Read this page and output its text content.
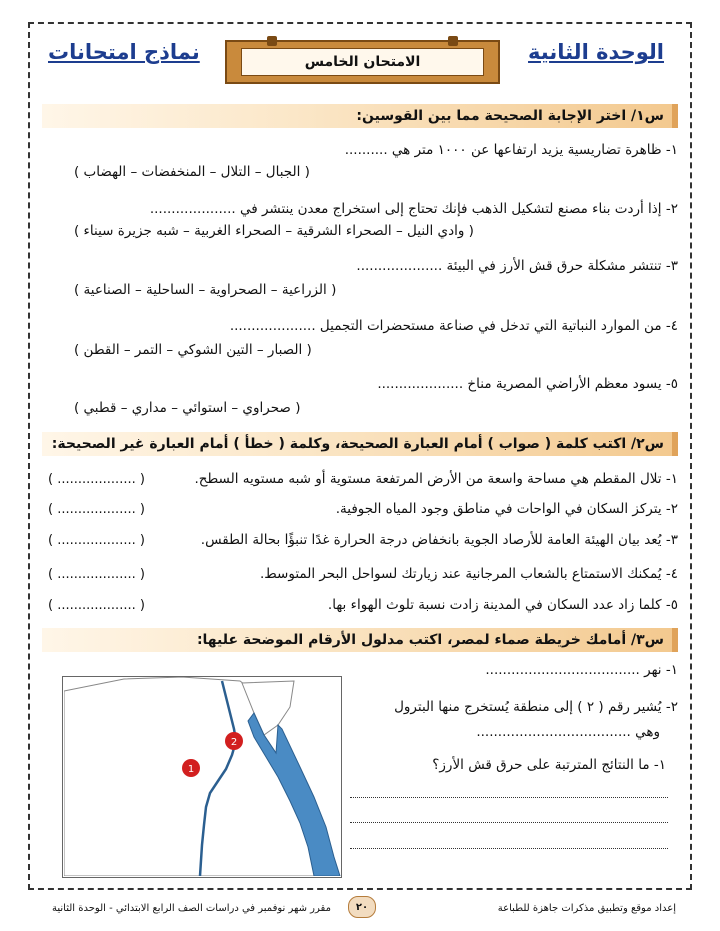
الوحدة الثانية
الامتحان الخامس
نماذج امتحانات
س١/ اختر الإجابة الصحيحة مما بين القوسين:
١- ظاهرة تضاريسية يزيد ارتفاعها عن ١٠٠٠ متر هي ..........
( الجبال – التلال – المنخفضات – الهضاب )
٢- إذا أردت بناء مصنع لتشكيل الذهب فإنك تحتاج إلى استخراج معدن ينتشر في ....................
( وادي النيل – الصحراء الشرقية – الصحراء الغربية – شبه جزيرة سيناء )
٣- تنتشر مشكلة حرق قش الأرز في البيئة ....................
( الزراعية – الصحراوية – الساحلية – الصناعية )
٤- من الموارد النباتية التي تدخل في صناعة مستحضرات التجميل ....................
( الصبار – التين الشوكي – التمر – القطن )
٥- يسود معظم الأراضي المصرية مناخ ....................
( صحراوي – استوائي – مداري – قطبي )
س٢/ اكتب كلمة ( صواب ) أمام العبارة الصحيحة، وكلمة ( خطأ ) أمام العبارة غير الصحيحة:
١- تلال المقطم هي مساحة واسعة من الأرض المرتفعة مستوية أو شبه مستويه السطح.
( ................... )
٢- يتركز السكان في الواحات في مناطق وجود المياه الجوفية.
( ................... )
٣- يُعد بيان الهيئة العامة للأرصاد الجوية بانخفاض درجة الحرارة غدًا تنبؤًا بحالة الطقس.
( ................... )
٤- يُمكنك الاستمتاع بالشعاب المرجانية عند زيارتك لسواحل البحر المتوسط.
( ................... )
٥- كلما زاد عدد السكان في المدينة زادت نسبة تلوث الهواء بها.
( ................... )
س٣/ أمامك خريطة صماء لمصر، اكتب مدلول الأرقام الموضحة عليها:
١- نهر ....................................
٢- يُشير رقم ( ٢ ) إلى منطقة يُستخرج منها البترول
وهي ....................................
١- ما النتائج المترتبة على حرق قش الأرز؟
2
1
إعداد موقع وتطبيق مذكرات جاهزة للطباعة
٢٠
مقرر شهر نوفمبر في دراسات الصف الرابع الابتدائي - الوحدة الثانية
